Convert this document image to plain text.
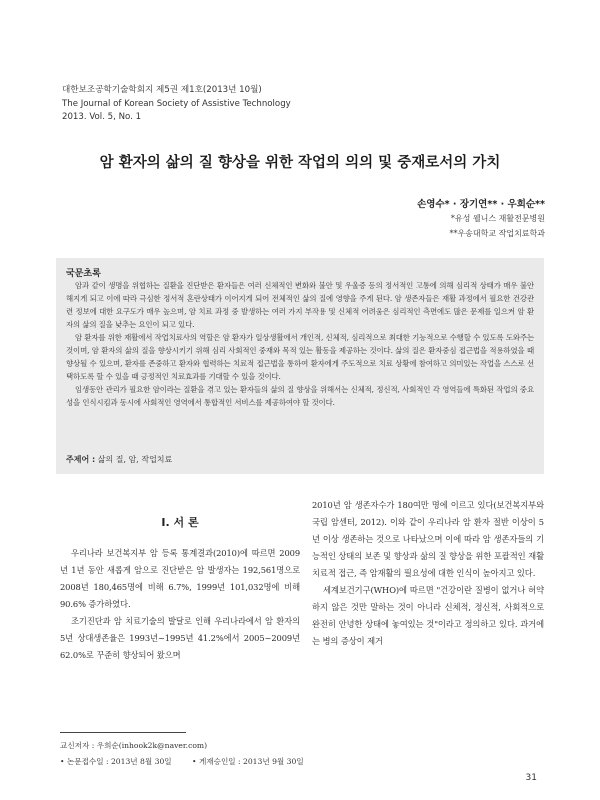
대한보조공학기술학회지 제5권 제1호(2013년 10월)
The Journal of Korean Society of Assistive Technology
2013. Vol. 5, No. 1
암 환자의 삶의 질 향상을 위한 작업의 의의 및 중재로서의 가치
손영수* · 장기연** · 우희순**
*유성 웰니스 재활전문병원
**우송대학교 작업치료학과
국문초록

암과 같이 생명을 위협하는 질환을 진단받은 환자들은 여러 신체적인 변화와 불안 및 우울증 등의 정서적인 고통에 의해 심리적 상태가 매우 불안해지게 되고 이에 따라 극심한 정서적 혼란상태가 이어지게 되어 전체적인 삶의 질에 영향을 주게 된다. 암 생존자들은 재활 과정에서 필요한 건강관련 정보에 대한 요구도가 매우 높으며, 암 치료 과정 중 발생하는 여러 가지 부작용 및 신체적 어려움은 심리적인 측면에도 많은 문제를 일으켜 암 환자의 삶의 질을 낮추는 요인이 되고 있다.

암 환자를 위한 재활에서 작업치료사의 역할은 암 환자가 일상생활에서 개인적, 신체적, 심리적으로 최대한 기능적으로 수행할 수 있도록 도와주는 것이며, 암 환자의 삶의 질을 향상시키기 위해 심리 사회적인 중재와 목적 있는 활동을 제공하는 것이다. 삶의 질은 환자중심 접근법을 적용하였을 때 향상될 수 있으며, 환자를 존중하고 환자와 협력하는 치료적 접근법을 통하여 환자에게 주도적으로 치료 상황에 참여하고 의미있는 작업을 스스로 선택하도록 할 수 있을 때 긍정적인 치료효과를 기대할 수 있을 것이다.

임생동안 관리가 필요한 암이라는 질환을 겪고 있는 환자들의 삶의 질 향상을 위해서는 신체적, 정신적, 사회적인 각 영역들에 특화된 작업의 중요성을 인식시킴과 동시에 사회적인 영역에서 통합적인 서비스를 제공하여야 할 것이다.

주제어 : 삶의 질, 암, 작업치료
I. 서 론

우리나라 보건복지부 암 등록 통계결과(2010)에 따르면 2009년 1년 동안 새롭게 암으로 진단받은 암 발생자는 192,561명으로 2008년 180,465명에 비해 6.7%, 1999년 101,032명에 비해 90.6% 증가하였다.

조기진단과 암 치료기술의 발달로 인해 우리나라에서 암 환자의 5년 상대생존율은 1993년~1995년 41.2%에서 2005~2009년 62.0%로 꾸준히 향상되어 왔으며

2010년 암 생존자수가 180여만 명에 이르고 있다(보건복지부와 국립 암센터, 2012). 이와 같이 우리나라 암 환자 절반 이상이 5년 이상 생존하는 것으로 나타났으며 이에 따라 암 생존자들의 기능적인 상태의 보존 및 향상과 삶의 질 향상을 위한 포괄적인 재활치료적 접근, 즉 암재활의 필요성에 대한 인식이 높아지고 있다.

세계보건기구(WHO)에 따르면 "건강이란 질병이 없거나 허약하지 않은 것만 말하는 것이 아니라 신체적, 정신적, 사회적으로 완전히 안녕한 상태에 놓여있는 것"이라고 정의하고 있다. 과거에는 병의 증상이 제거

교신저자 : 우희순(inhook2k@naver.com)
• 논문접수일 : 2013년 8월 30일	• 게재승인일 : 2013년 9월 30일
31
